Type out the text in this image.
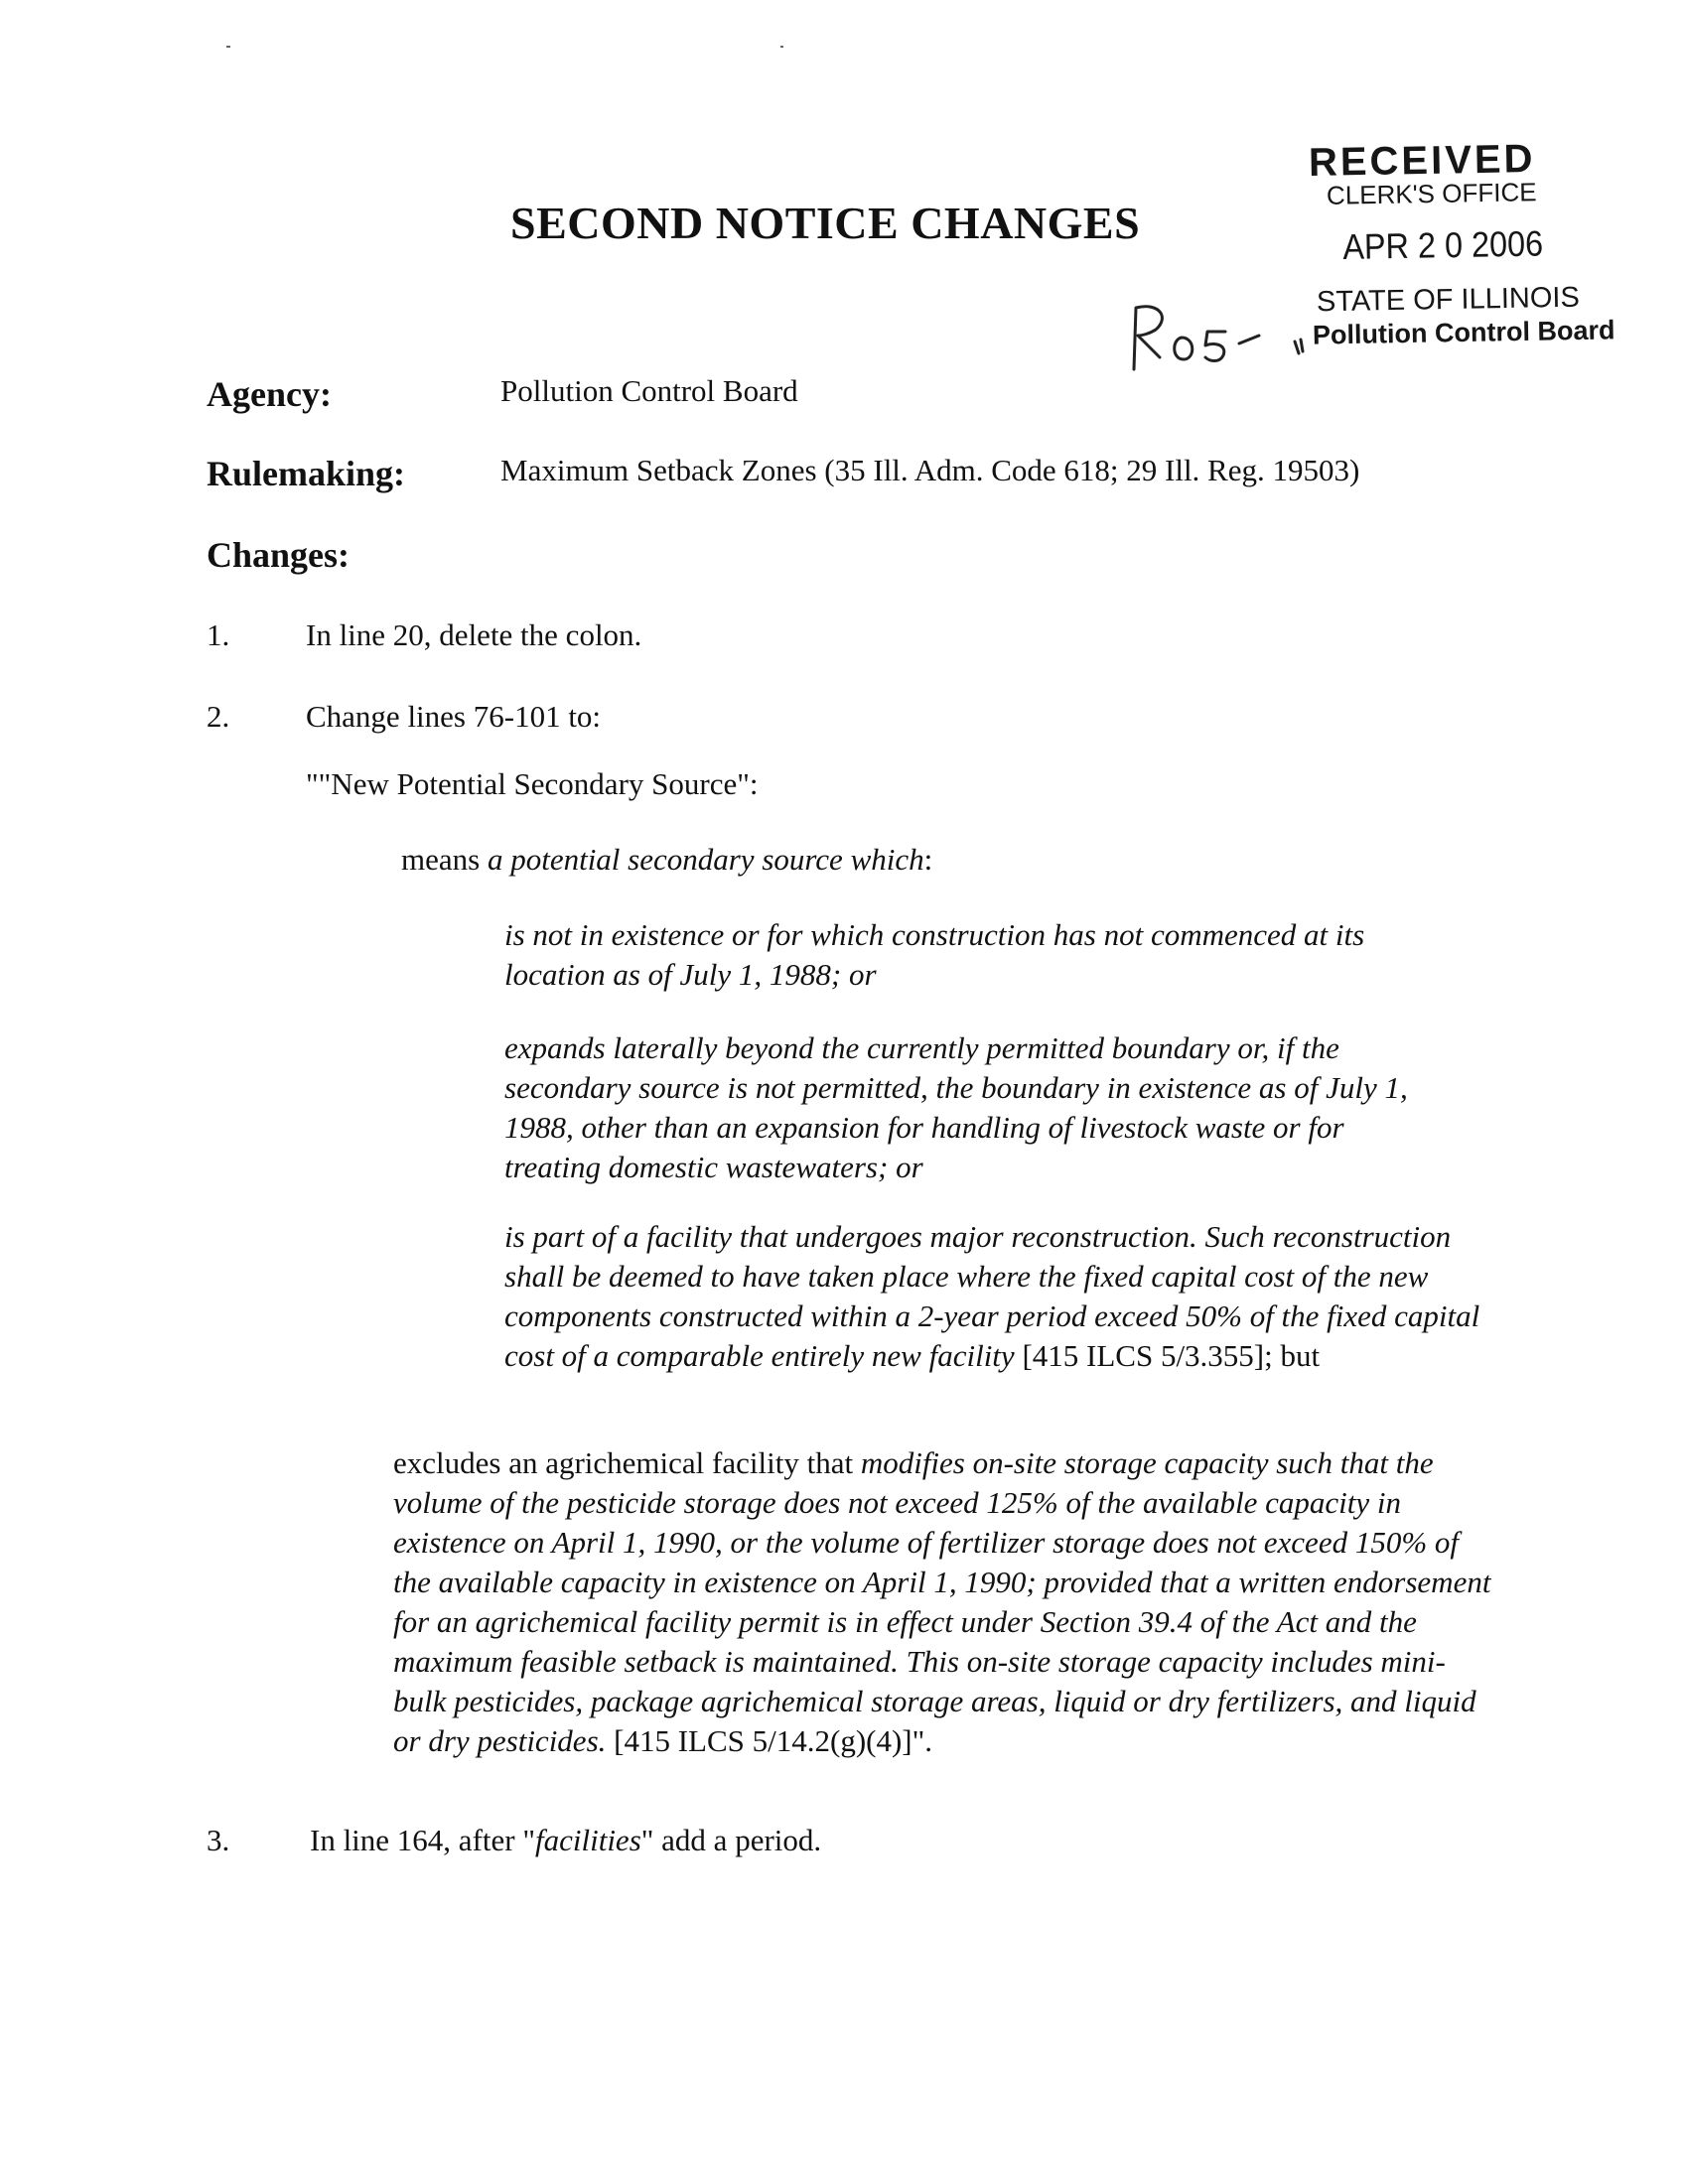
RECEIVED
CLERK'S OFFICE
APR 2 0 2006
STATE OF ILLINOIS
Pollution Control Board
SECOND NOTICE CHANGES
Agency:	Pollution Control Board
Rulemaking:	Maximum Setback Zones (35 Ill. Adm. Code 618; 29 Ill. Reg. 19503)
Changes:
1. In line 20, delete the colon.
2. Change lines 76-101 to:
""New Potential Secondary Source":
means a potential secondary source which:
is not in existence or for which construction has not commenced at its location as of July 1, 1988; or
expands laterally beyond the currently permitted boundary or, if the secondary source is not permitted, the boundary in existence as of July 1, 1988, other than an expansion for handling of livestock waste or for treating domestic wastewaters; or
is part of a facility that undergoes major reconstruction. Such reconstruction shall be deemed to have taken place where the fixed capital cost of the new components constructed within a 2-year period exceed 50% of the fixed capital cost of a comparable entirely new facility [415 ILCS 5/3.355]; but
excludes an agrichemical facility that modifies on-site storage capacity such that the volume of the pesticide storage does not exceed 125% of the available capacity in existence on April 1, 1990, or the volume of fertilizer storage does not exceed 150% of the available capacity in existence on April 1, 1990; provided that a written endorsement for an agrichemical facility permit is in effect under Section 39.4 of the Act and the maximum feasible setback is maintained. This on-site storage capacity includes mini-bulk pesticides, package agrichemical storage areas, liquid or dry fertilizers, and liquid or dry pesticides. [415 ILCS 5/14.2(g)(4)]".
3.	In line 164, after "facilities" add a period.
